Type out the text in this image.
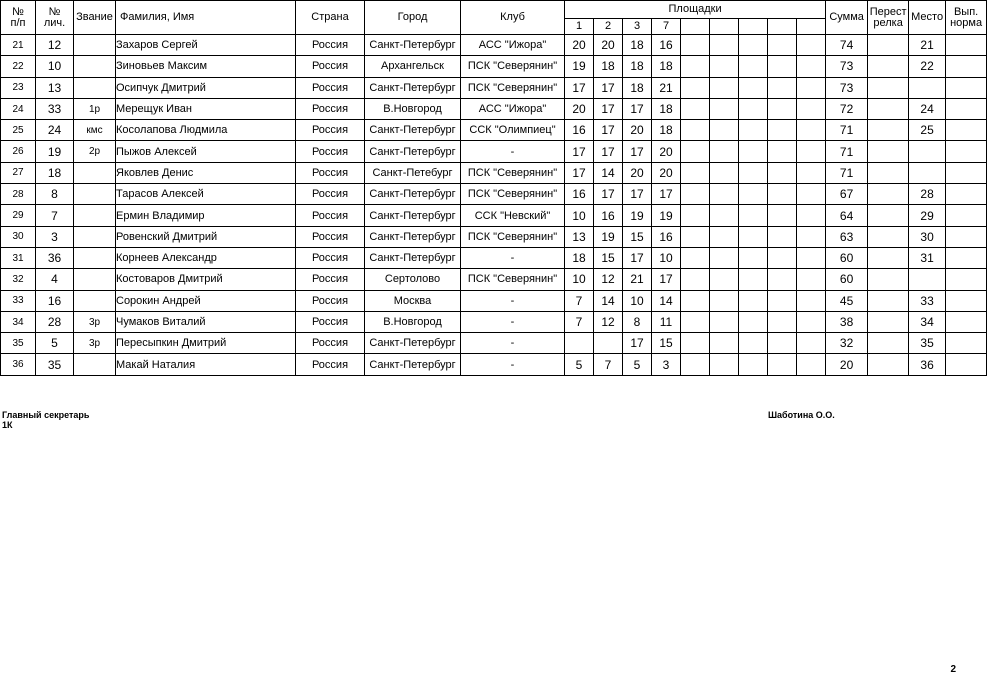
№
п/п	№
лич.	Звание	Фамилия, Имя	Страна	Город	Клуб	Площадки									Сумма	Перест
релка	Место	Вып.
норма

							1	2	3	7									
21	12		Захаров Сергей	Россия	Санкт-Петербург	АСС "Ижора"	20	20	18	16						74		21	
22	10		Зиновьев Максим	Россия	Архангельск	ПСК "Северянин"	19	18	18	18						73		22	
23	13		Осипчук Дмитрий	Россия	Санкт-Петербург	ПСК "Северянин"	17	17	18	21						73			
24	33	1р	Мерещук Иван	Россия	В.Новгород	АСС "Ижора"	20	17	17	18						72		24	
25	24	кмс	Косолапова Людмила	Россия	Санкт-Петербург	ССК "Олимпиец"	16	17	20	18						71		25	
26	19	2р	Пыжов Алексей	Россия	Санкт-Петербург	-	17	17	17	20						71			
27	18		Яковлев Денис	Россия	Санкт-Петебург	ПСК "Северянин"	17	14	20	20						71			
28	8		Тарасов Алексей	Россия	Санкт-Петербург	ПСК "Северянин"	16	17	17	17						67		28	
29	7		Ермин Владимир	Россия	Санкт-Петербург	ССК "Невский"	10	16	19	19						64		29	
30	3		Ровенский Дмитрий	Россия	Санкт-Петербург	ПСК "Северянин"	13	19	15	16						63		30	
31	36		Корнеев Александр	Россия	Санкт-Петербург	-	18	15	17	10						60		31	
32	4		Костоваров Дмитрий	Россия	Сертолово	ПСК "Северянин"	10	12	21	17						60			
33	16		Сорокин Андрей	Россия	Москва	-	7	14	10	14						45		33	
34	28	3р	Чумаков Виталий	Россия	В.Новгород	-	7	12	8	11						38		34	
35	5	3р	Пересыпкин Дмитрий	Россия	Санкт-Петербург	-			17	15						32		35	
36	35		Макай Наталия	Россия	Санкт-Петербург	-	5	7	5	3						20		36	
Главный секретарь
1К
Шаботина О.О.
2
